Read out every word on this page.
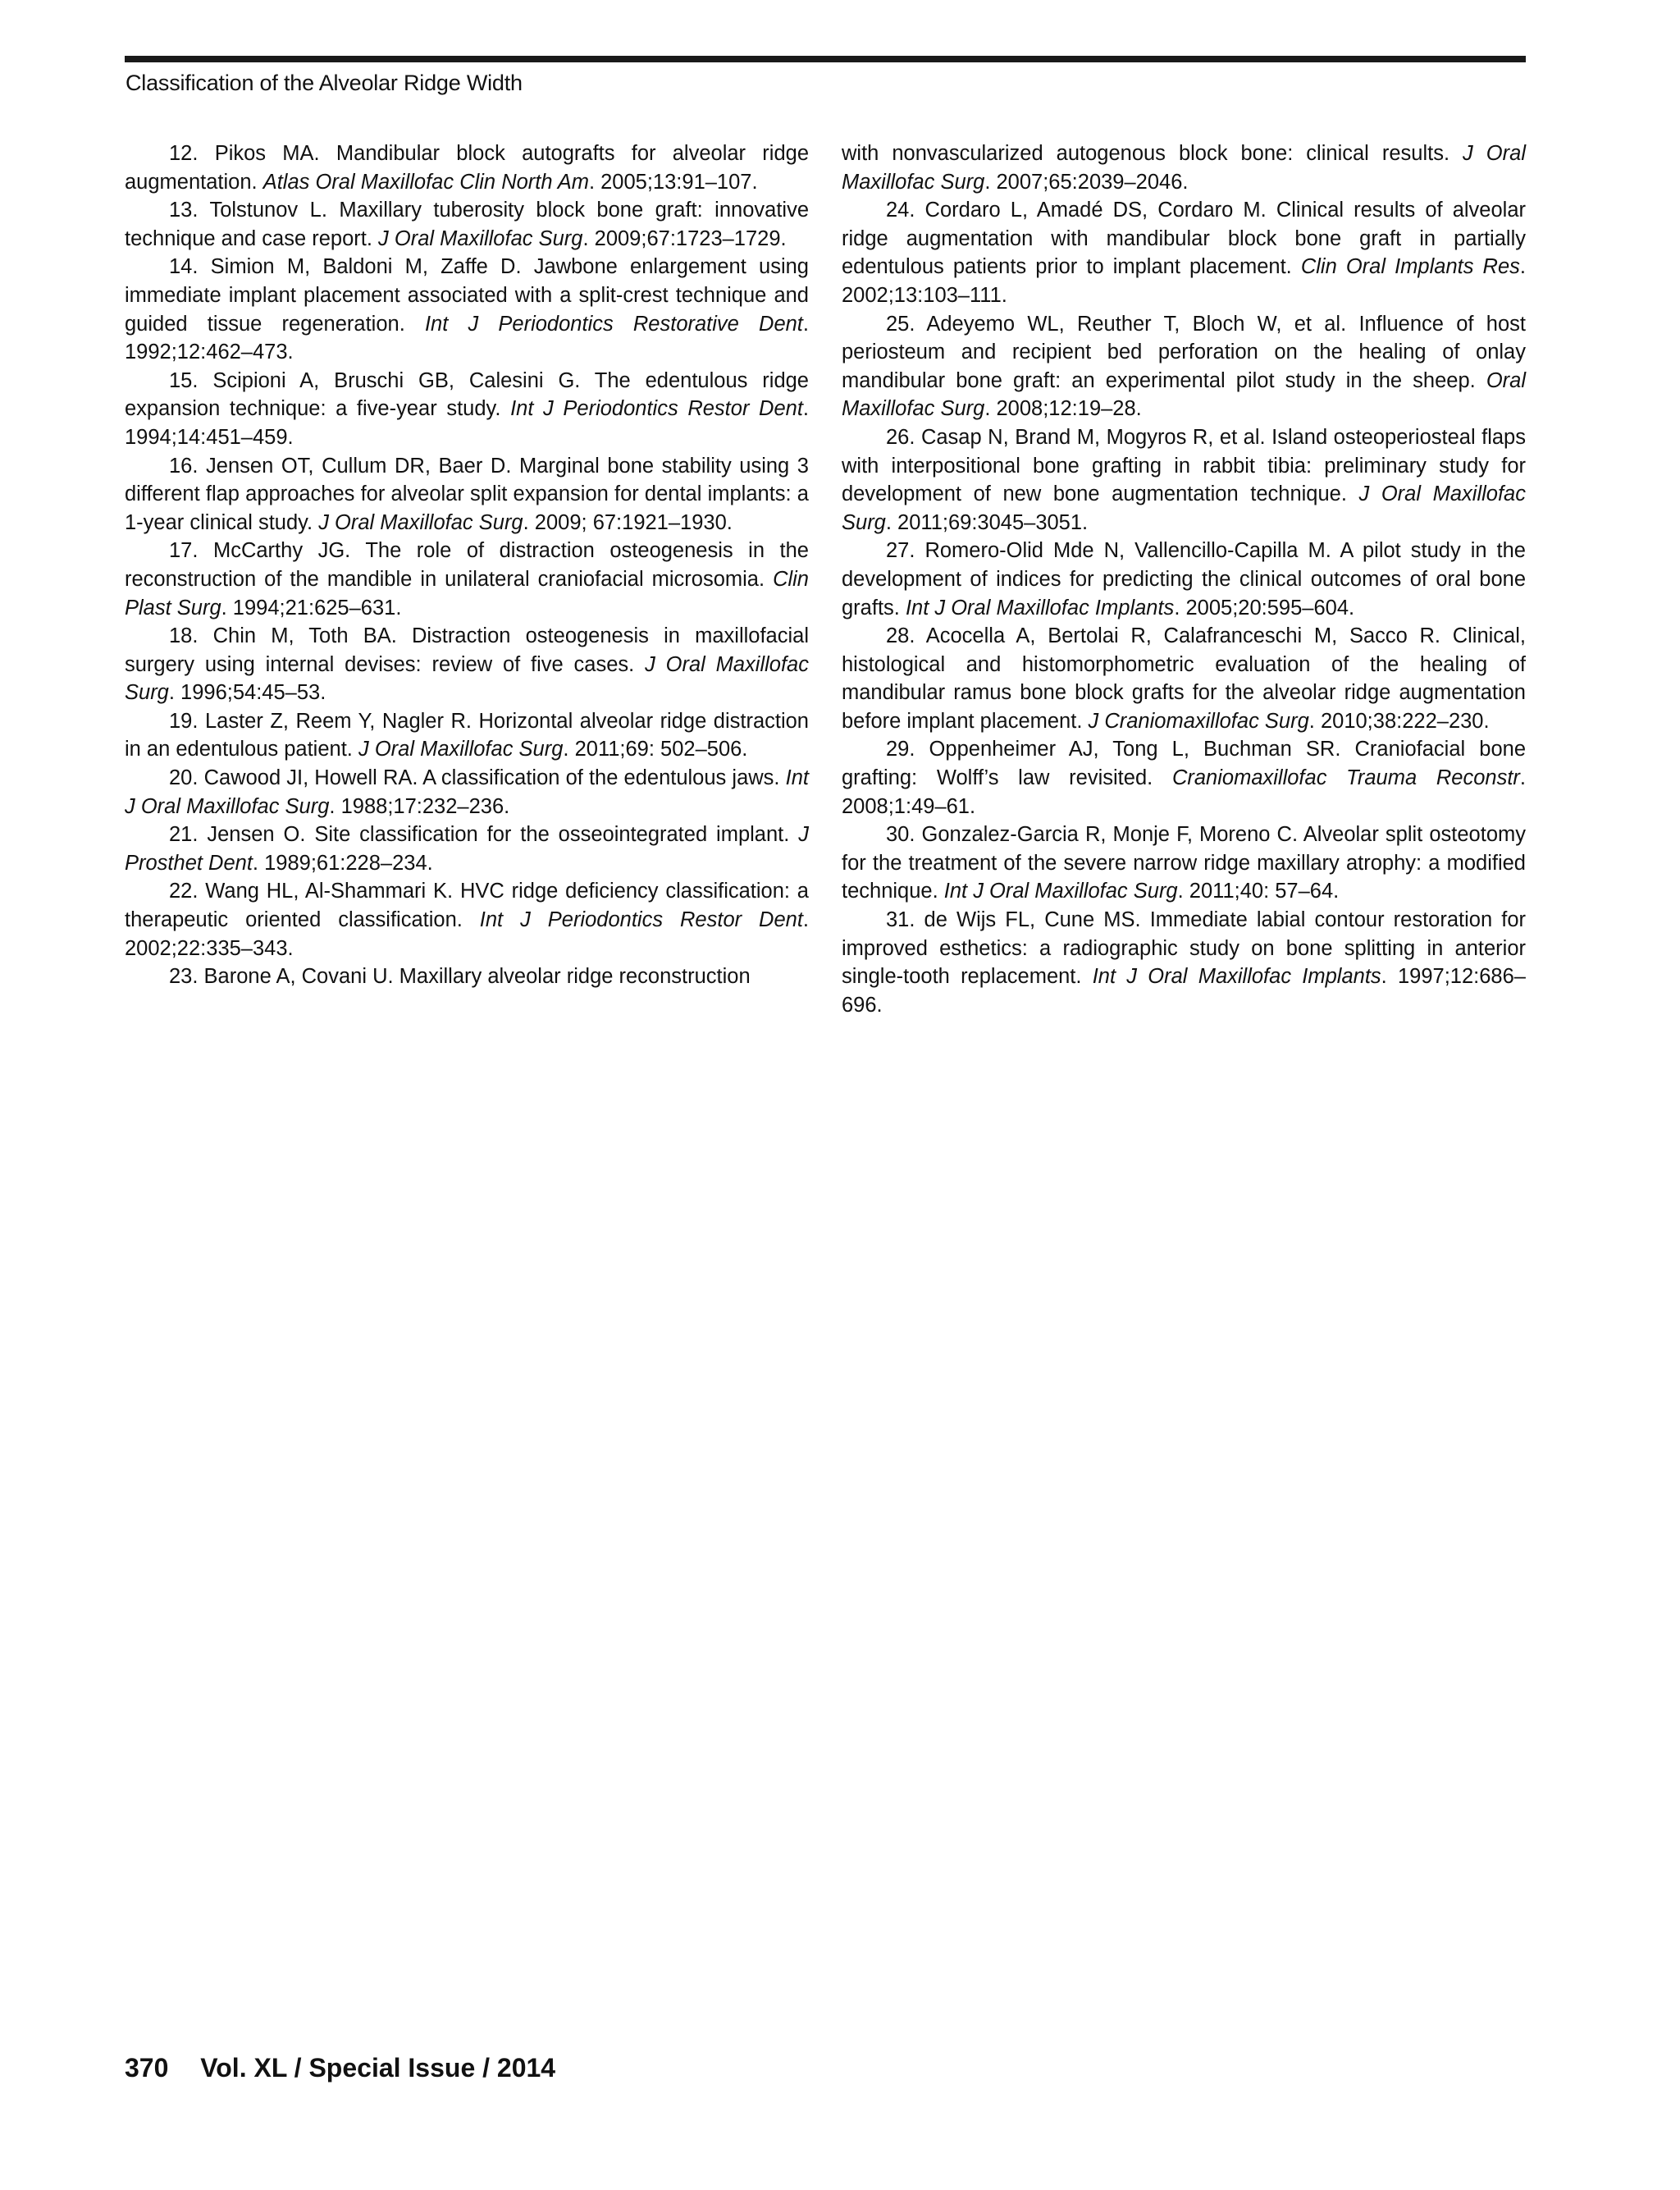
Classification of the Alveolar Ridge Width

12. Pikos MA. Mandibular block autografts for alveolar ridge augmentation. Atlas Oral Maxillofac Clin North Am. 2005;13:91–107.

13. Tolstunov L. Maxillary tuberosity block bone graft: innovative technique and case report. J Oral Maxillofac Surg. 2009;67:1723–1729.

14. Simion M, Baldoni M, Zaffe D. Jawbone enlargement using immediate implant placement associated with a split-crest technique and guided tissue regeneration. Int J Periodontics Restorative Dent. 1992;12:462–473.

15. Scipioni A, Bruschi GB, Calesini G. The edentulous ridge expansion technique: a five-year study. Int J Periodontics Restor Dent. 1994;14:451–459.

16. Jensen OT, Cullum DR, Baer D. Marginal bone stability using 3 different flap approaches for alveolar split expansion for dental implants: a 1-year clinical study. J Oral Maxillofac Surg. 2009; 67:1921–1930.

17. McCarthy JG. The role of distraction osteogenesis in the reconstruction of the mandible in unilateral craniofacial microsomia. Clin Plast Surg. 1994;21:625–631.

18. Chin M, Toth BA. Distraction osteogenesis in maxillofacial surgery using internal devises: review of five cases. J Oral Maxillofac Surg. 1996;54:45–53.

19. Laster Z, Reem Y, Nagler R. Horizontal alveolar ridge distraction in an edentulous patient. J Oral Maxillofac Surg. 2011;69: 502–506.

20. Cawood JI, Howell RA. A classification of the edentulous jaws. Int J Oral Maxillofac Surg. 1988;17:232–236.

21. Jensen O. Site classification for the osseointegrated implant. J Prosthet Dent. 1989;61:228–234.

22. Wang HL, Al-Shammari K. HVC ridge deficiency classification: a therapeutic oriented classification. Int J Periodontics Restor Dent. 2002;22:335–343.

23. Barone A, Covani U. Maxillary alveolar ridge reconstruction

with nonvascularized autogenous block bone: clinical results. J Oral Maxillofac Surg. 2007;65:2039–2046.

24. Cordaro L, Amadé DS, Cordaro M. Clinical results of alveolar ridge augmentation with mandibular block bone graft in partially edentulous patients prior to implant placement. Clin Oral Implants Res. 2002;13:103–111.

25. Adeyemo WL, Reuther T, Bloch W, et al. Influence of host periosteum and recipient bed perforation on the healing of onlay mandibular bone graft: an experimental pilot study in the sheep. Oral Maxillofac Surg. 2008;12:19–28.

26. Casap N, Brand M, Mogyros R, et al. Island osteoperiosteal flaps with interpositional bone grafting in rabbit tibia: preliminary study for development of new bone augmentation technique. J Oral Maxillofac Surg. 2011;69:3045–3051.

27. Romero-Olid Mde N, Vallencillo-Capilla M. A pilot study in the development of indices for predicting the clinical outcomes of oral bone grafts. Int J Oral Maxillofac Implants. 2005;20:595–604.

28. Acocella A, Bertolai R, Calafranceschi M, Sacco R. Clinical, histological and histomorphometric evaluation of the healing of mandibular ramus bone block grafts for the alveolar ridge augmentation before implant placement. J Craniomaxillofac Surg. 2010;38:222–230.

29. Oppenheimer AJ, Tong L, Buchman SR. Craniofacial bone grafting: Wolff’s law revisited. Craniomaxillofac Trauma Reconstr. 2008;1:49–61.

30. Gonzalez-Garcia R, Monje F, Moreno C. Alveolar split osteotomy for the treatment of the severe narrow ridge maxillary atrophy: a modified technique. Int J Oral Maxillofac Surg. 2011;40: 57–64.

31. de Wijs FL, Cune MS. Immediate labial contour restoration for improved esthetics: a radiographic study on bone splitting in anterior single-tooth replacement. Int J Oral Maxillofac Implants. 1997;12:686–696.

370 Vol. XL / Special Issue / 2014
